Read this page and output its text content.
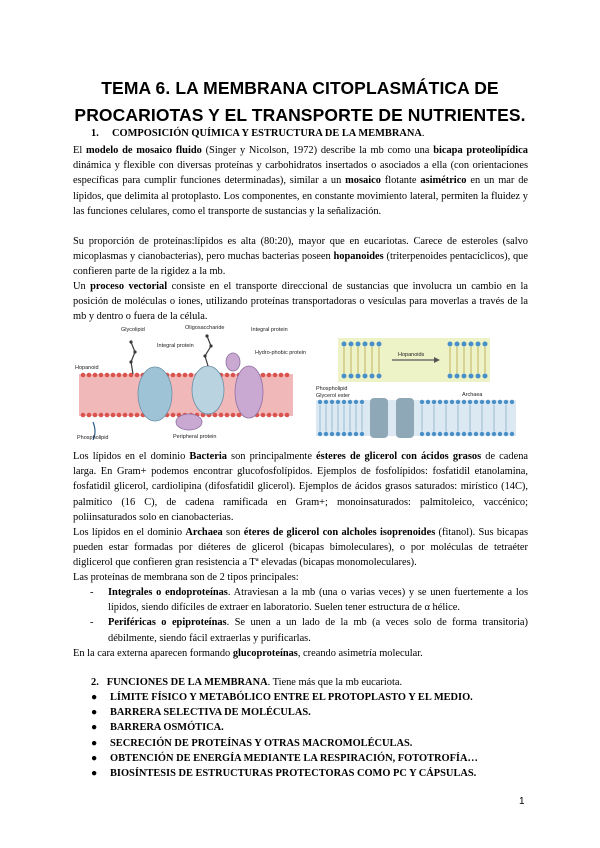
TEMA 6. LA MEMBRANA CITOPLASMÁTICA DE
PROCARIOTAS Y EL TRANSPORTE DE NUTRIENTES.
1. COMPOSICIÓN QUÍMICA Y ESTRUCTURA DE LA MEMBRANA.
El modelo de mosaico fluido (Singer y Nicolson, 1972) describe la mb como una bicapa proteolipídica dinámica y flexible con diversas proteínas y carbohidratos insertados o asociados a ella (con orientaciones específicas para cumplir funciones determinadas), similar a un mosaico flotante asimétrico en un mar de lípidos, que delimita al protoplasto. Los componentes, en constante movimiento lateral, permiten la fluidez y las funciones celulares, como el transporte de sustancias y la señalización.
Su proporción de proteínas:lípidos es alta (80:20), mayor que en eucariotas. Carece de esteroles (salvo micoplasmas y cianobacterias), pero muchas bacterias poseen hopanoides (triterpenoides pentacíclicos), que confieren parte de la rigidez a la mb.
Un proceso vectorial consiste en el transporte direccional de sustancias que involucra un cambio en la posición de moléculas o iones, utilizando proteínas transportadoras o vesículas para moverlas a través de la mb y dentro o fuera de la célula.
Glycolipid	Oligosaccharide	Integral protein
Integral protein
Hydro-phobic protein
Hopanoid
Phospholipid	Peripheral protein
Hopanoids
Phospholipid
Glycerol ester	Archaea
Los lípidos en el dominio Bacteria son principalmente ésteres de glicerol con ácidos grasos de cadena larga. En Gram+ podemos encontrar glucofosfolípidos. Ejemplos de fosfolípidos: fosfatidil etanolamina, fosfatidil glicerol, cardiolipina (difosfatidil glicerol). Ejemplos de ácidos grasos saturados: mirístico (14C), palmítico (16 C), de cadena ramificada en Gram+; monoinsaturados: palmitoleico, vaccénico; poliinsaturados solo en cianobacterias.
Los lípidos en el dominio Archaea son éteres de glicerol con alcholes isoprenoides (fitanol). Sus bicapas pueden estar formadas por diéteres de glicerol (bicapas bimoleculares), o por moléculas de tetraéter diglicerol que confieren gran resistencia a Tª elevadas (bicapas monomoleculares).
Las proteínas de membrana son de 2 tipos principales:
- Integrales o endoproteínas. Atraviesan a la mb (una o varias veces) y se unen fuertemente a los lípidos, siendo difíciles de extraer en laboratorio. Suelen tener estructura de α hélice.
- Periféricas o epiproteínas. Se unen a un lado de la mb (a veces solo de forma transitoria) débilmente, siendo fácil extraerlas y purificarlas.
En la cara externa aparecen formando glucoproteínas, creando asimetría molecular.
2. FUNCIONES DE LA MEMBRANA. Tiene más que la mb eucariota.
● LÍMITE FÍSICO Y METABÓLICO ENTRE EL PROTOPLASTO Y EL MEDIO.
● BARRERA SELECTIVA DE MOLÉCULAS.
● BARRERA OSMÓTICA.
● SECRECIÓN DE PROTEÍNAS Y OTRAS MACROMOLÉCULAS.
● OBTENCIÓN DE ENERGÍA MEDIANTE LA RESPIRACIÓN, FOTOTROFÍA…
● BIOSÍNTESIS DE ESTRUCTURAS PROTECTORAS COMO PC Y CÁPSULAS.
1
